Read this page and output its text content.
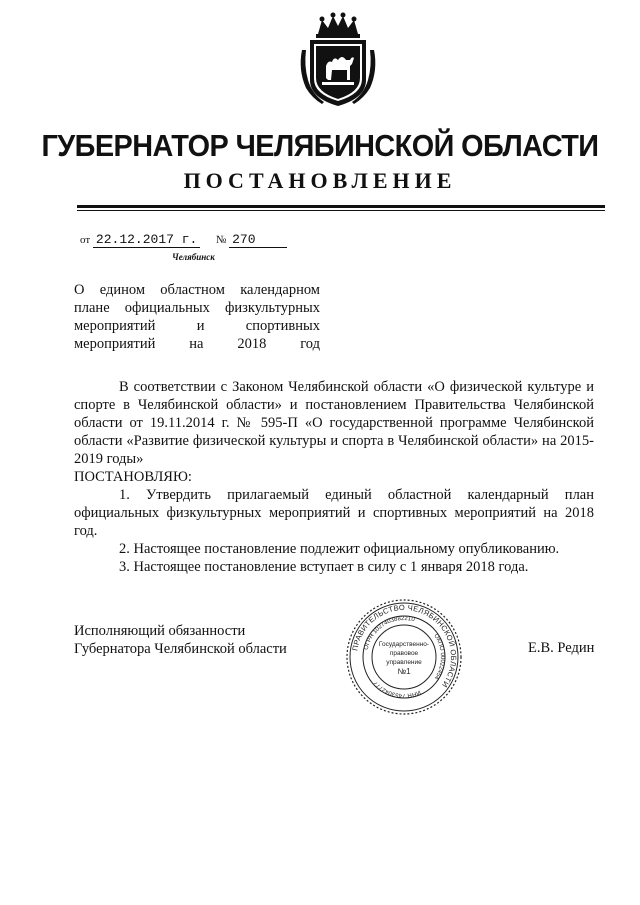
ГУБЕРНАТОР ЧЕЛЯБИНСКОЙ ОБЛАСТИ
ПОСТАНОВЛЕНИЕ
от 22.12.2017 г. № 270
Челябинск
О едином областном календарном плане официальных физкультурных мероприятий и спортивных мероприятий на 2018 год

В соответствии с Законом Челябинской области «О физической культуре и спорте в Челябинской области» и постановлением Правительства Челябинской области от 19.11.2014 г. № 595-П «О государственной программе Челябинской области «Развитие физической культуры и спорта в Челябинской области» на 2015-2019 годы»

ПОСТАНОВЛЯЮ:

1. Утвердить прилагаемый единый областной календарный план официальных физкультурных мероприятий и спортивных мероприятий на 2018 год.

2. Настоящее постановление подлежит официальному опубликованию.

3. Настоящее постановление вступает в силу с 1 января 2018 года.

Исполняющий обязанности
Губернатора Челябинской области	Е.В. Редин
ПРАВИТЕЛЬСТВО ЧЕЛЯБИНСКОЙ ОБЛАСТИ
ОГРН 1027403882210
ОКПО 00022454
ИНН 7453042777
Государственно-
правовое
управление
№1
